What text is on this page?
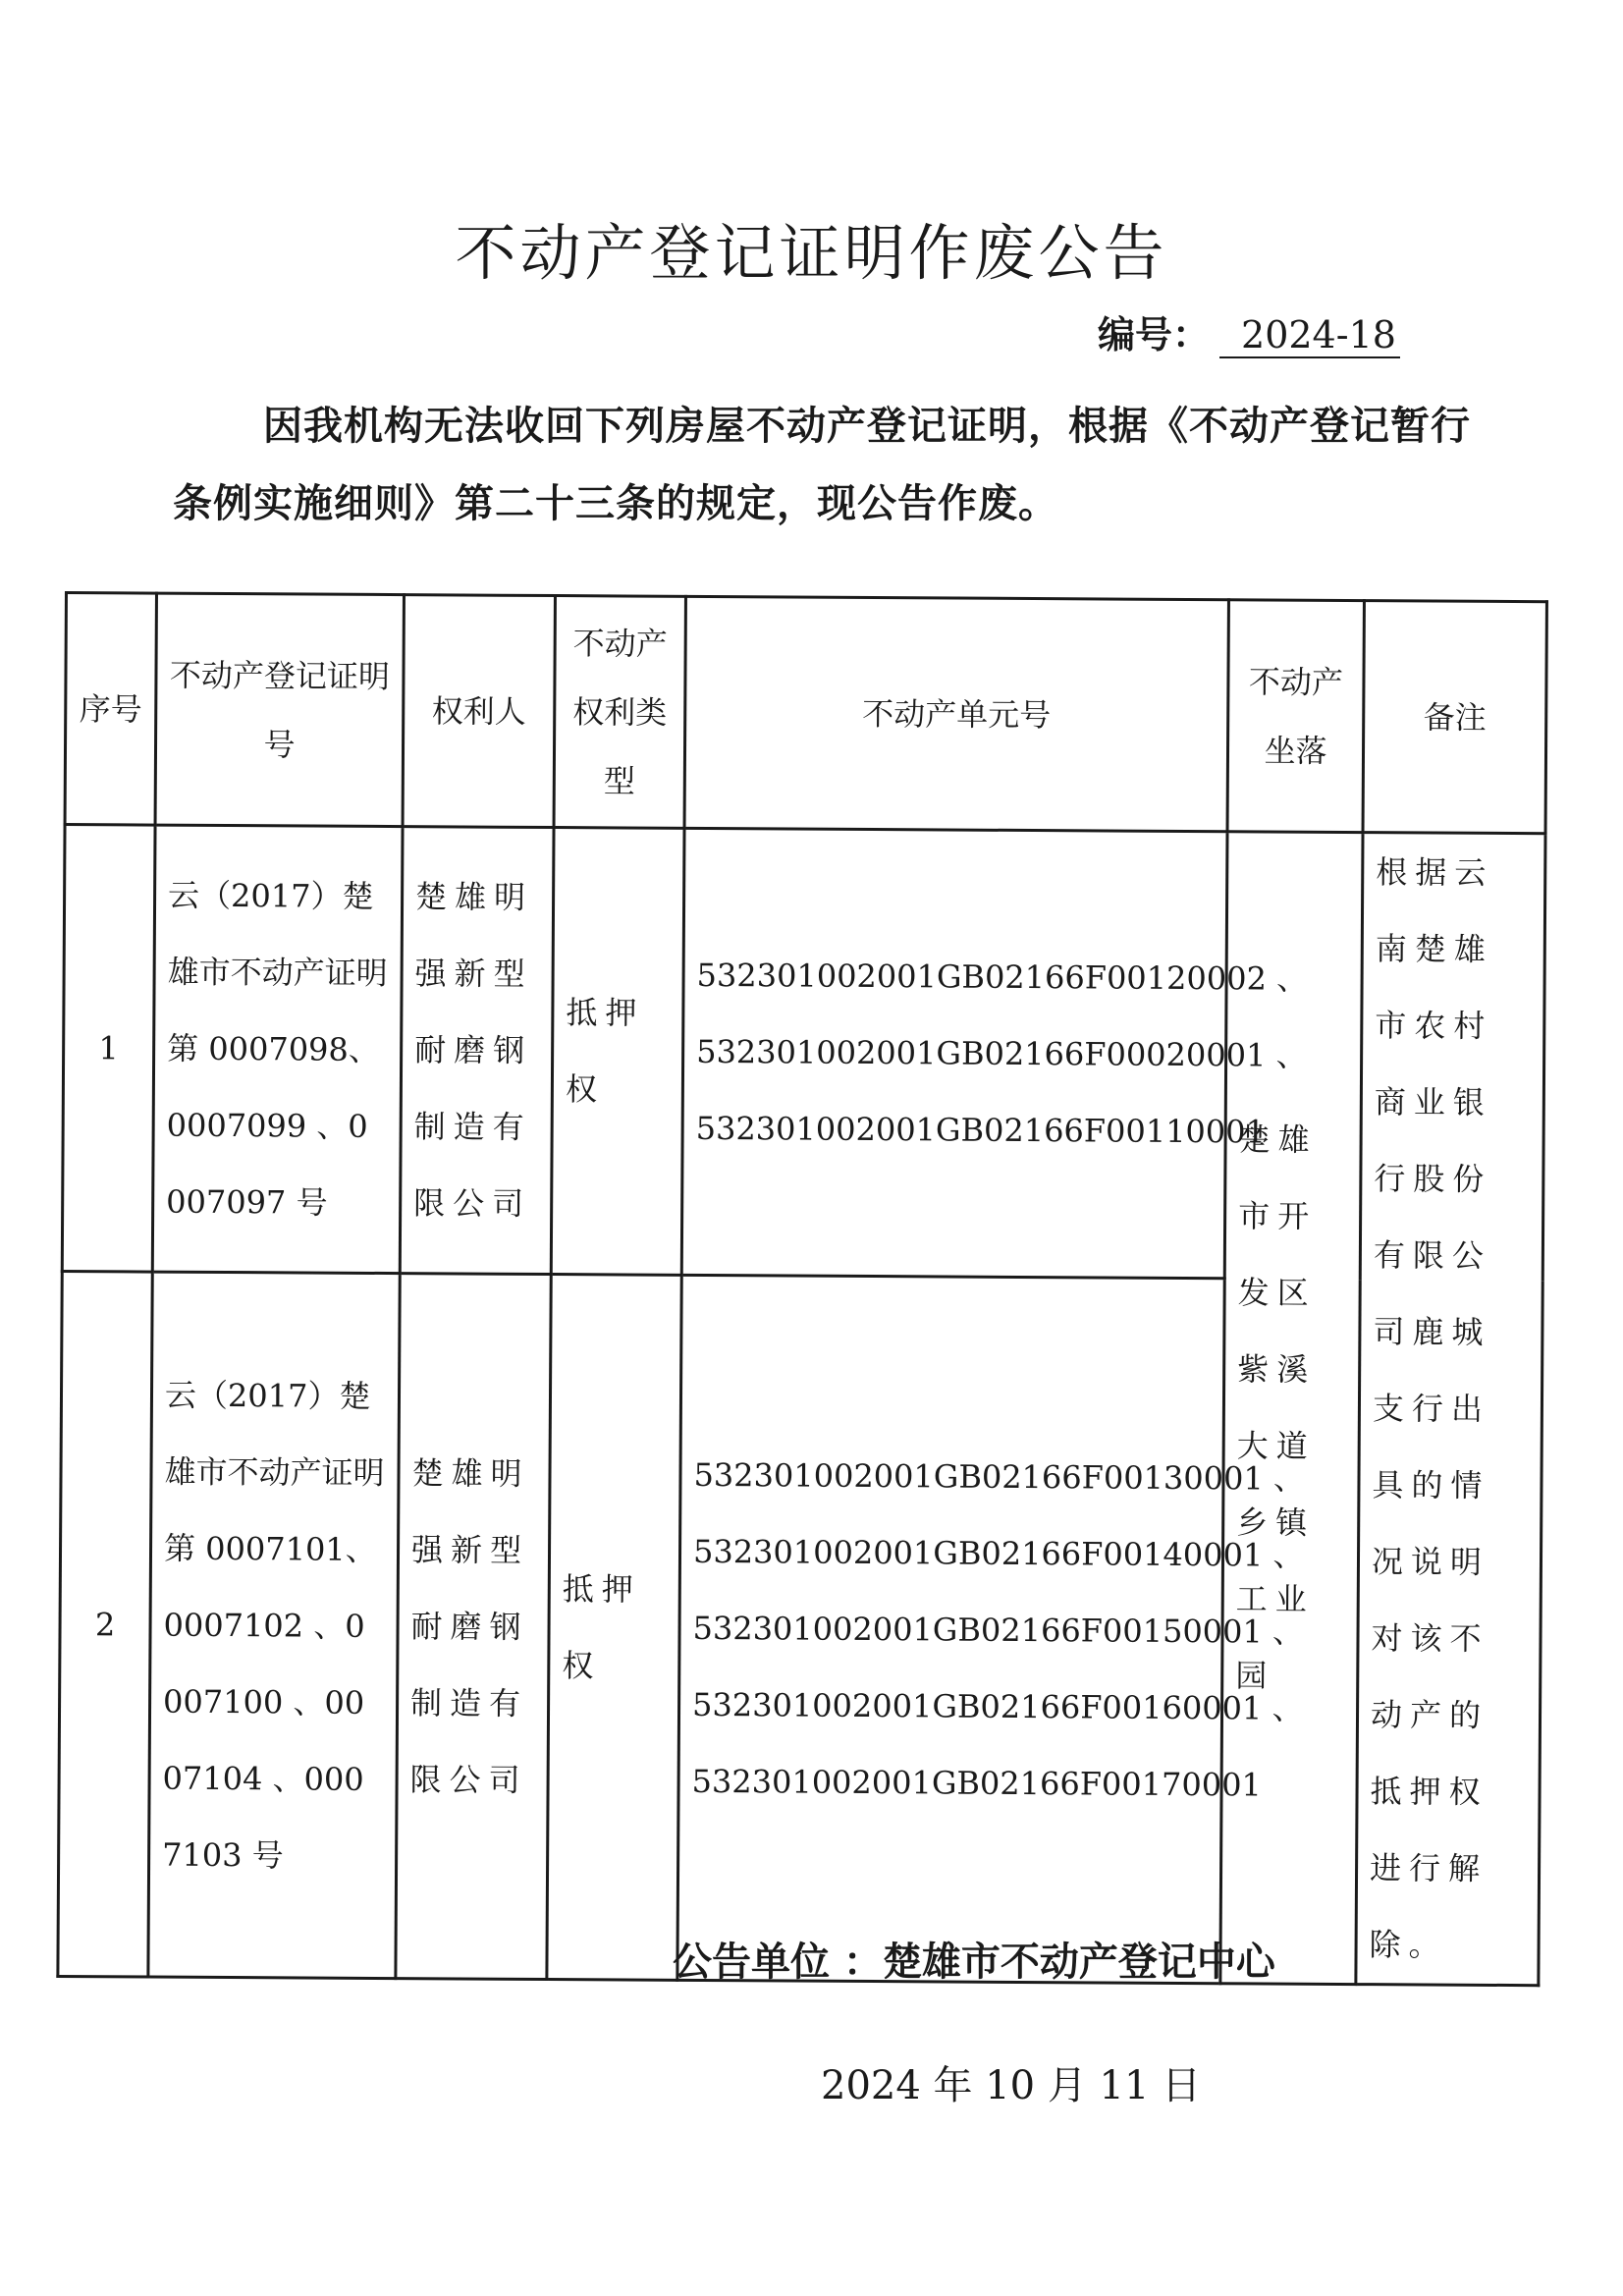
不动产登记证明作废公告
编号： 2024-18
因我机构无法收回下列房屋不动产登记证明，根据《不动产登记暂行条例实施细则》第二十三条的规定，现公告作废。
序号	不动产登记证明号	权利人	不动产权利类型	不动产单元号	不动产坐落	备注
1	云（2017）楚雄市不动产证明第 0007098、0007099 、0007097 号	楚雄明强新型耐磨钢制造有限公司	抵押权	532301002001GB02166F00120002 、
532301002001GB02166F00020001 、
532301002001GB02166F00110001	楚雄市开发区紫溪大道乡镇工业园	根据云南楚雄市农村商业银行股份有限公司鹿城支行出具的情况说明对该不动产的抵押权进行解除。
2	云（2017）楚雄市不动产证明第 0007101、0007102 、0007100 、0007104 、0007103 号	楚雄明强新型耐磨钢制造有限公司	抵押权	532301002001GB02166F00130001 、
532301002001GB02166F00140001 、
532301002001GB02166F00150001 、
532301002001GB02166F00160001 、
532301002001GB02166F00170001		
公告单位 ：楚雄市不动产登记中心
2024 年 10 月 11 日
